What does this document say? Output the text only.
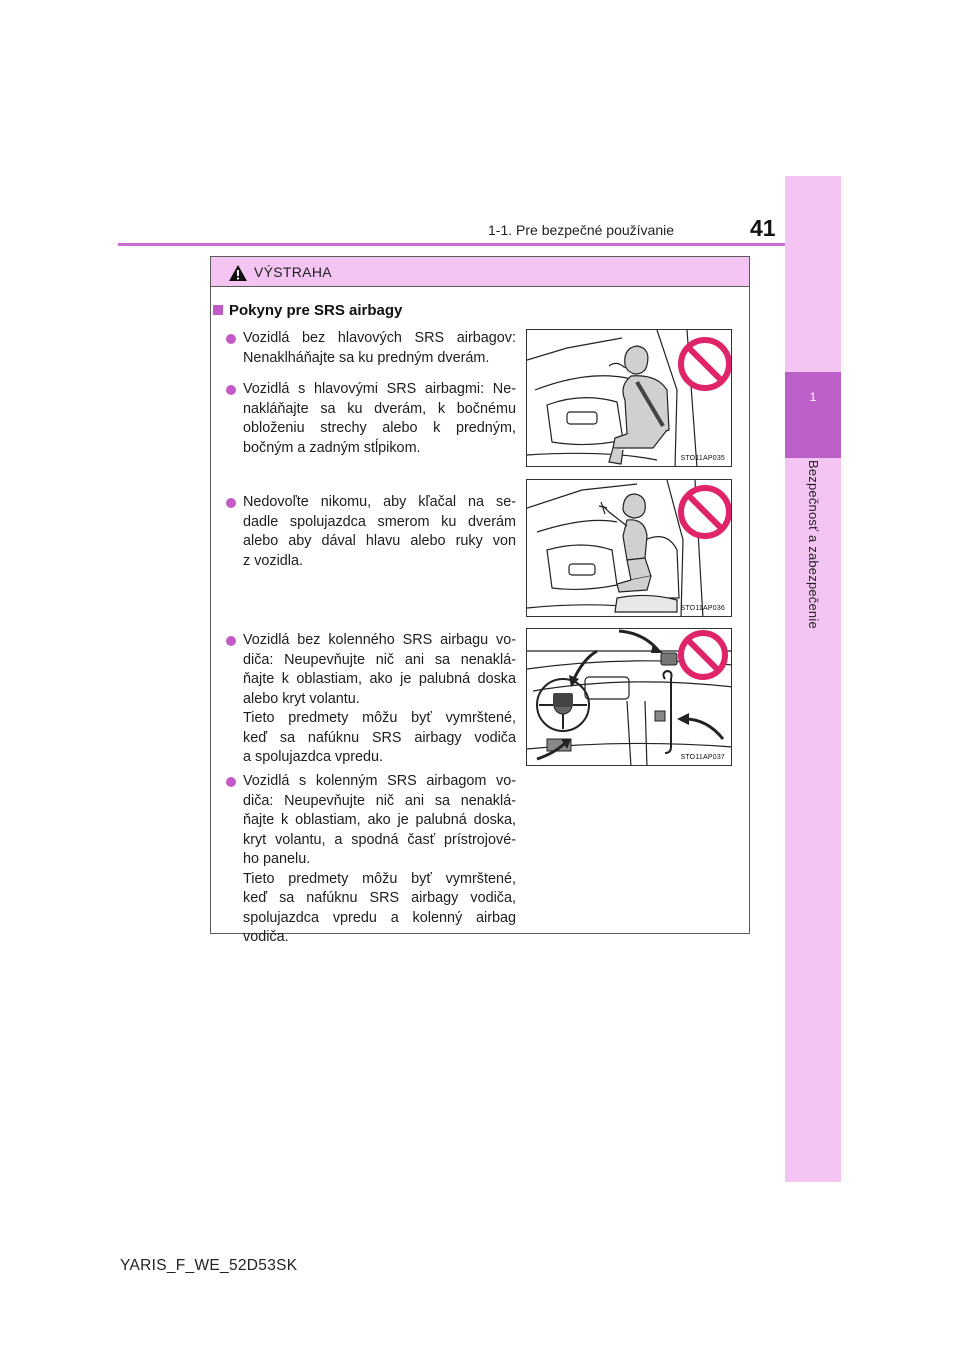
1-1. Pre bezpečné používanie	41
1
Bezpečnosť a zabezpečenie
VÝSTRAHA
Pokyny pre SRS airbagy

Vozidlá bez hlavových SRS airbagov:

Nenaklháňajte sa ku predným dverám.

Vozidlá s hlavovými SRS airbagmi: Ne-

nakláňajte sa ku dverám, k bočnému

obloženiu strechy alebo k predným,

bočným a zadným stĺpikom.

Nedovoľte nikomu, aby kľačal na se-

dadle spolujazdca smerom ku dverám

alebo aby dával hlavu alebo ruky von

z vozidla.

Vozidlá bez kolenného SRS airbagu vo-

diča: Neupevňujte nič ani sa nenaklá-

ňajte k oblastiam, ako je palubná doska

alebo kryt volantu.

Tieto predmety môžu byť vymrštené,

keď sa nafúknu SRS airbagy vodiča

a spolujazdca vpredu.

Vozidlá s kolenným SRS airbagom vo-

diča: Neupevňujte nič ani sa nenaklá-

ňajte k oblastiam, ako je palubná doska,

kryt volantu, a spodná časť prístrojové-

ho panelu.

Tieto predmety môžu byť vymrštené,

keď sa nafúknu SRS airbagy vodiča,

spolujazdca vpredu a kolenný airbag

vodiča.

STO11AP035
STO11AP036
STO11AP037
YARIS_F_WE_52D53SK
